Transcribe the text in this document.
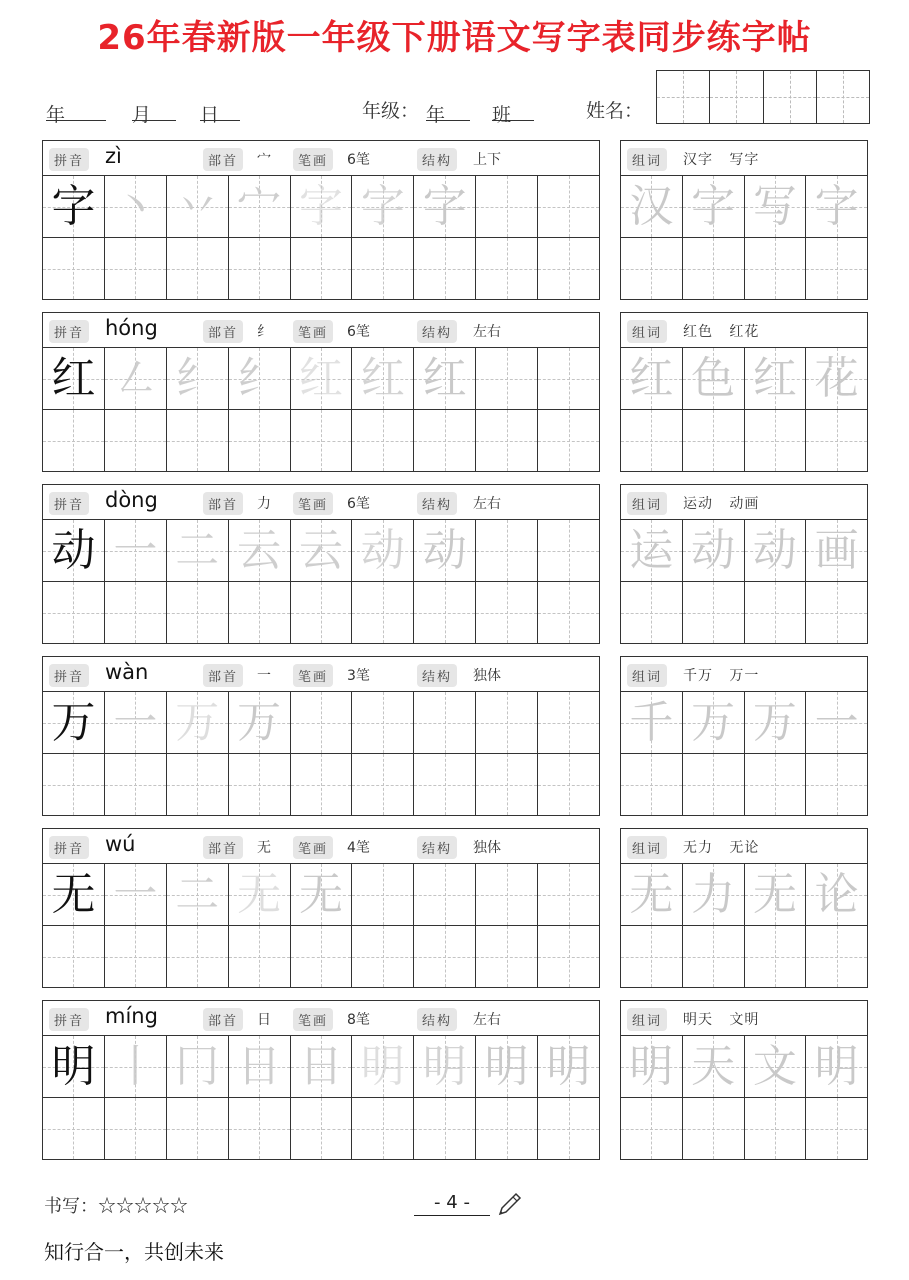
26年春新版一年级下册语文写字表同步练字帖
年	月	日	年级： 年 班	姓名：
拼音 zì	部首	宀	笔画	6笔	结构	上下
字 丶 丷 宀 字 字 字
组词	汉字   写字
汉 字 写 字
拼音 hóng	部首	纟	笔画	6笔	结构	左右
红 ㇜ 纟 纟 红 红 红
组词	红色   红花
红 色 红 花
拼音 dòng	部首	力	笔画	6笔	结构	左右
动 一 二 云 云 动 动
组词	运动   动画
运 动 动 画
拼音 wàn	部首	一	笔画	3笔	结构	独体
万 一 万 万
组词	千万   万一
千 万 万 一
拼音 wú	部首	无	笔画	4笔	结构	独体
无 一 二 无 无
组词	无力   无论
无 力 无 论
拼音 míng	部首	日	笔画	8笔	结构	左右
明 丨 冂 日 日 明 明 明 明
组词	明天   文明
明 天 文 明
书写：☆☆☆☆☆	- 4 -
知行合一，共创未来
